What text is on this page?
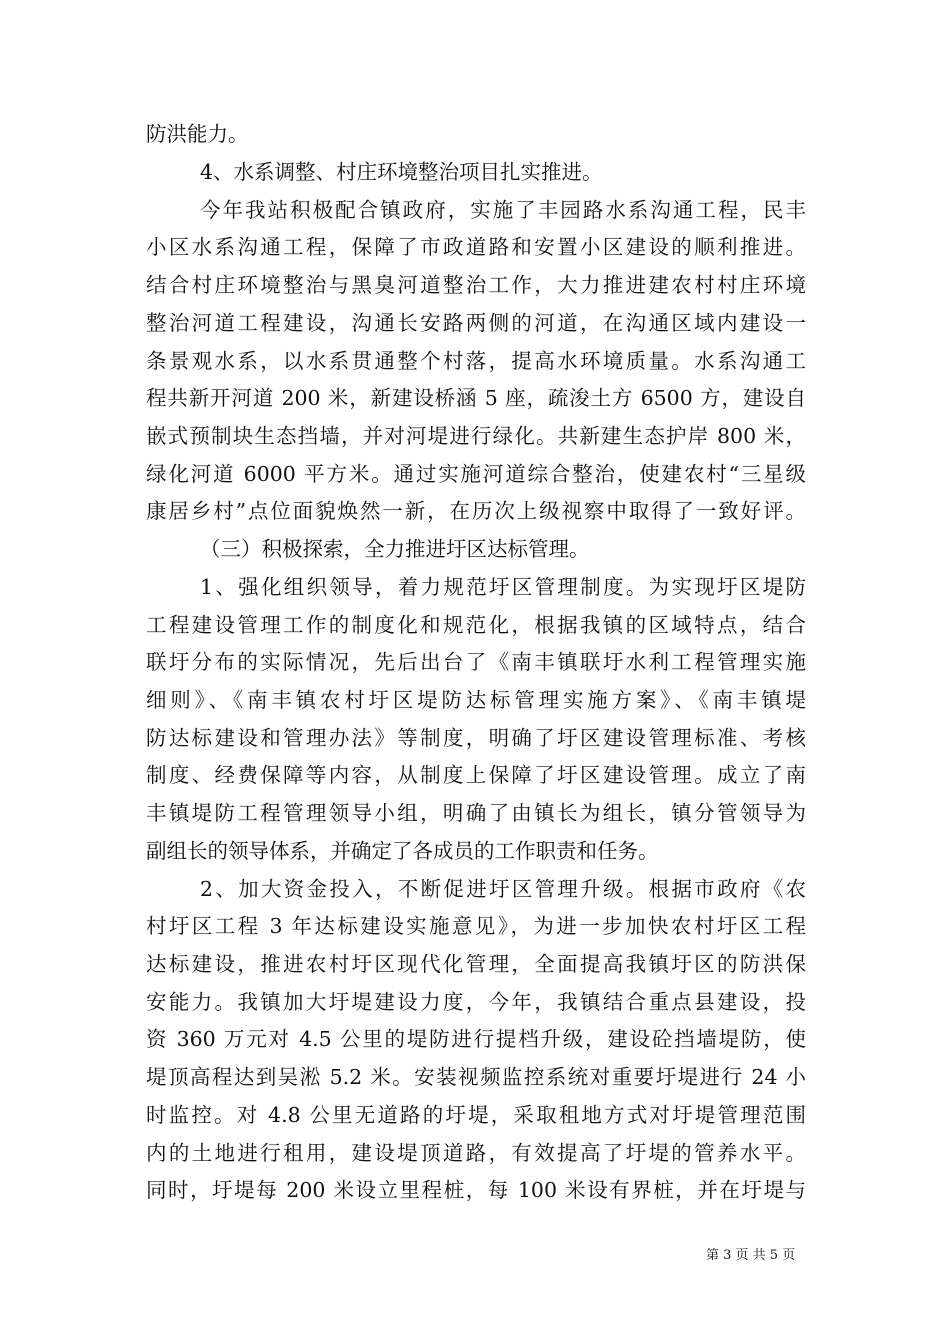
防洪能力。
4、水系调整、村庄环境整治项目扎实推进。
今年我站积极配合镇政府，实施了丰园路水系沟通工程，民丰
小区水系沟通工程，保障了市政道路和安置小区建设的顺利推进。
结合村庄环境整治与黑臭河道整治工作，大力推进建农村村庄环境
整治河道工程建设，沟通长安路两侧的河道，在沟通区域内建设一
条景观水系，以水系贯通整个村落，提高水环境质量。水系沟通工
程共新开河道 200 米，新建设桥涵 5 座，疏浚土方 6500 方，建设自
嵌式预制块生态挡墙，并对河堤进行绿化。共新建生态护岸 800 米，
绿化河道 6000 平方米。通过实施河道综合整治，使建农村“三星级
康居乡村”点位面貌焕然一新，在历次上级视察中取得了一致好评。
（三）积极探索，全力推进圩区达标管理。
1、强化组织领导，着力规范圩区管理制度。为实现圩区堤防
工程建设管理工作的制度化和规范化，根据我镇的区域特点，结合
联圩分布的实际情况，先后出台了《南丰镇联圩水利工程管理实施
细则》、《南丰镇农村圩区堤防达标管理实施方案》、《南丰镇堤
防达标建设和管理办法》等制度，明确了圩区建设管理标准、考核
制度、经费保障等内容，从制度上保障了圩区建设管理。成立了南
丰镇堤防工程管理领导小组，明确了由镇长为组长，镇分管领导为
副组长的领导体系，并确定了各成员的工作职责和任务。
2、加大资金投入，不断促进圩区管理升级。根据市政府《农
村圩区工程 3 年达标建设实施意见》，为进一步加快农村圩区工程
达标建设，推进农村圩区现代化管理，全面提高我镇圩区的防洪保
安能力。我镇加大圩堤建设力度，今年，我镇结合重点县建设，投
资 360 万元对 4.5 公里的堤防进行提档升级，建设砼挡墙堤防，使
堤顶高程达到吴淞 5.2 米。安装视频监控系统对重要圩堤进行 24 小
时监控。对 4.8 公里无道路的圩堤，采取租地方式对圩堤管理范围
内的土地进行租用，建设堤顶道路，有效提高了圩堤的管养水平。
同时，圩堤每 200 米设立里程桩，每 100 米设有界桩，并在圩堤与
第 3 页 共 5 页
